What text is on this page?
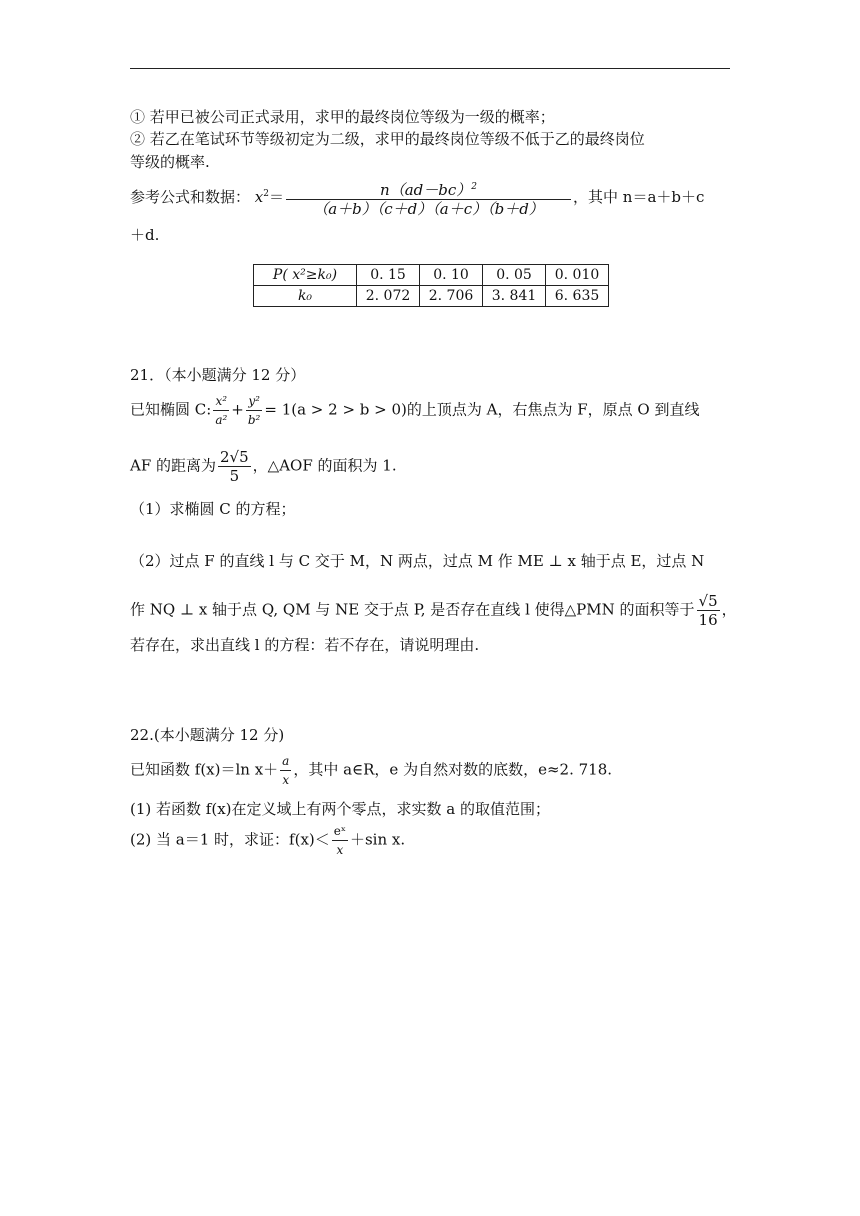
① 若甲已被公司正式录用，求甲的最终岗位等级为一级的概率；
② 若乙在笔试环节等级初定为二级，求甲的最终岗位等级不低于乙的最终岗位
等级的概率.
参考公式和数据： $x^2= \frac{n(ad-bc)^2}{(a+b)(c+d)(a+c)(b+d)}$ ，其中 n＝a＋b＋c
＋d.
P( x²≥k₀)	0. 15	0. 10	0. 05	0. 010
k₀	2. 072	2. 706	3. 841	6. 635
21．（本小题满分 12 分）
已知椭圆 C: $\frac{\text{x²}}{\text{a²}} + \frac{\text{y²}}{\text{b²}} = 1(a > 2 > b > 0)$的上顶点为 A，右焦点为 F，原点 O 到直线
AF 的距离为 $\frac{2√5}{5}$ ，△AOF 的面积为 1.
（1）求椭圆 C 的方程；
（2）过点 F 的直线 l 与 C 交于 M，N 两点，过点 M 作 ME ⊥ x 轴于点 E，过点 N
作 NQ ⊥ x 轴于点 Q, QM 与 NE 交于点 P, 是否存在直线 l 使得△PMN 的面积等于 $\frac{√5}{16}$ ，
若存在，求出直线 l 的方程：若不存在，请说明理由.
22.(本小题满分 12 分)
已知函数 f(x)＝ln $x+ \frac{a}{x}$ ，其中 a∈R，e 为自然对数的底数，e≈2. 718.
(1) 若函数 f(x)在定义域上有两个零点，求实数 a 的取值范围；
(2) 当 a＝1 时，求证：$f(x)< \frac{\text{eˣ}}{x} +\sin$ x.
